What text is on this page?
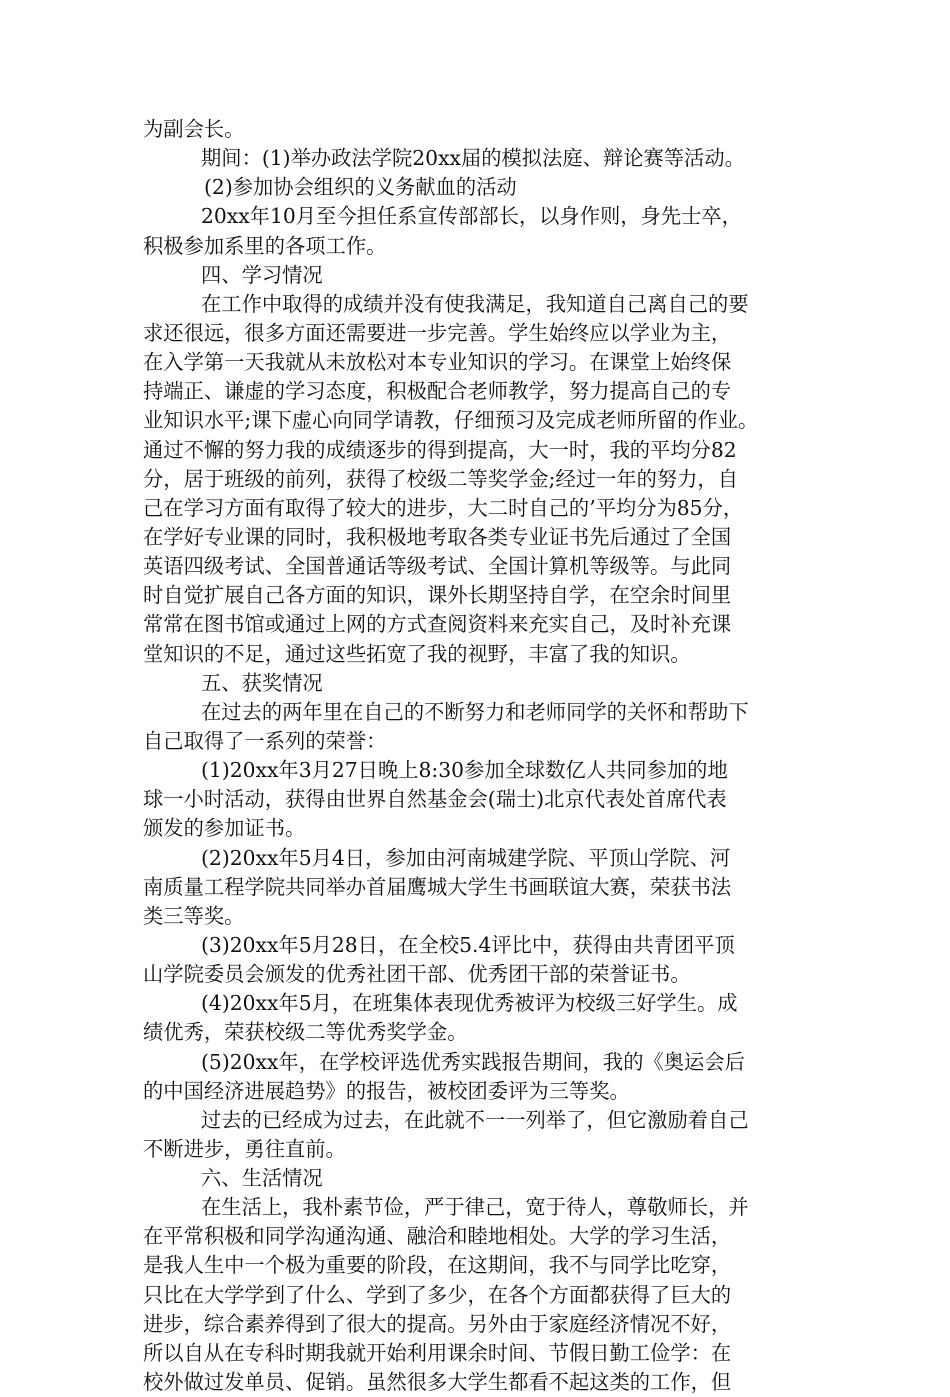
为副会长。
期间：(1)举办政法学院20xx届的模拟法庭、辩论赛等活动。
(2)参加协会组织的义务献血的活动
20xx年10月至今担任系宣传部部长，以身作则，身先士卒，
积极参加系里的各项工作。
四、学习情况
在工作中取得的成绩并没有使我满足，我知道自己离自己的要
求还很远，很多方面还需要进一步完善。学生始终应以学业为主，
在入学第一天我就从未放松对本专业知识的学习。在课堂上始终保
持端正、谦虚的学习态度，积极配合老师教学，努力提高自己的专
业知识水平;课下虚心向同学请教，仔细预习及完成老师所留的作业。
通过不懈的努力我的成绩逐步的得到提高，大一时，我的平均分82
分，居于班级的前列，获得了校级二等奖学金;经过一年的努力，自
己在学习方面有取得了较大的进步，大二时自己的’平均分为85分，
在学好专业课的同时，我积极地考取各类专业证书先后通过了全国
英语四级考试、全国普通话等级考试、全国计算机等级等。与此同
时自觉扩展自己各方面的知识，课外长期坚持自学，在空余时间里
常常在图书馆或通过上网的方式查阅资料来充实自己，及时补充课
堂知识的不足，通过这些拓宽了我的视野，丰富了我的知识。
五、获奖情况
在过去的两年里在自己的不断努力和老师同学的关怀和帮助下
自己取得了一系列的荣誉：
(1)20xx年3月27日晚上8:30参加全球数亿人共同参加的地
球一小时活动，获得由世界自然基金会(瑞士)北京代表处首席代表
颁发的参加证书。
(2)20xx年5月4日，参加由河南城建学院、平顶山学院、河
南质量工程学院共同举办首届鹰城大学生书画联谊大赛，荣获书法
类三等奖。
(3)20xx年5月28日，在全校5.4评比中，获得由共青团平顶
山学院委员会颁发的优秀社团干部、优秀团干部的荣誉证书。
(4)20xx年5月，在班集体表现优秀被评为校级三好学生。成
绩优秀，荣获校级二等优秀奖学金。
(5)20xx年，在学校评选优秀实践报告期间，我的《奥运会后
的中国经济进展趋势》的报告，被校团委评为三等奖。
过去的已经成为过去，在此就不一一列举了，但它激励着自己
不断进步，勇往直前。
六、生活情况
在生活上，我朴素节俭，严于律己，宽于待人，尊敬师长，并
在平常积极和同学沟通沟通、融洽和睦地相处。大学的学习生活，
是我人生中一个极为重要的阶段，在这期间，我不与同学比吃穿，
只比在大学学到了什么、学到了多少，在各个方面都获得了巨大的
进步，综合素养得到了很大的提高。另外由于家庭经济情况不好，
所以自从在专科时期我就开始利用课余时间、节假日勤工俭学：在
校外做过发单员、促销。虽然很多大学生都看不起这类的工作，但
